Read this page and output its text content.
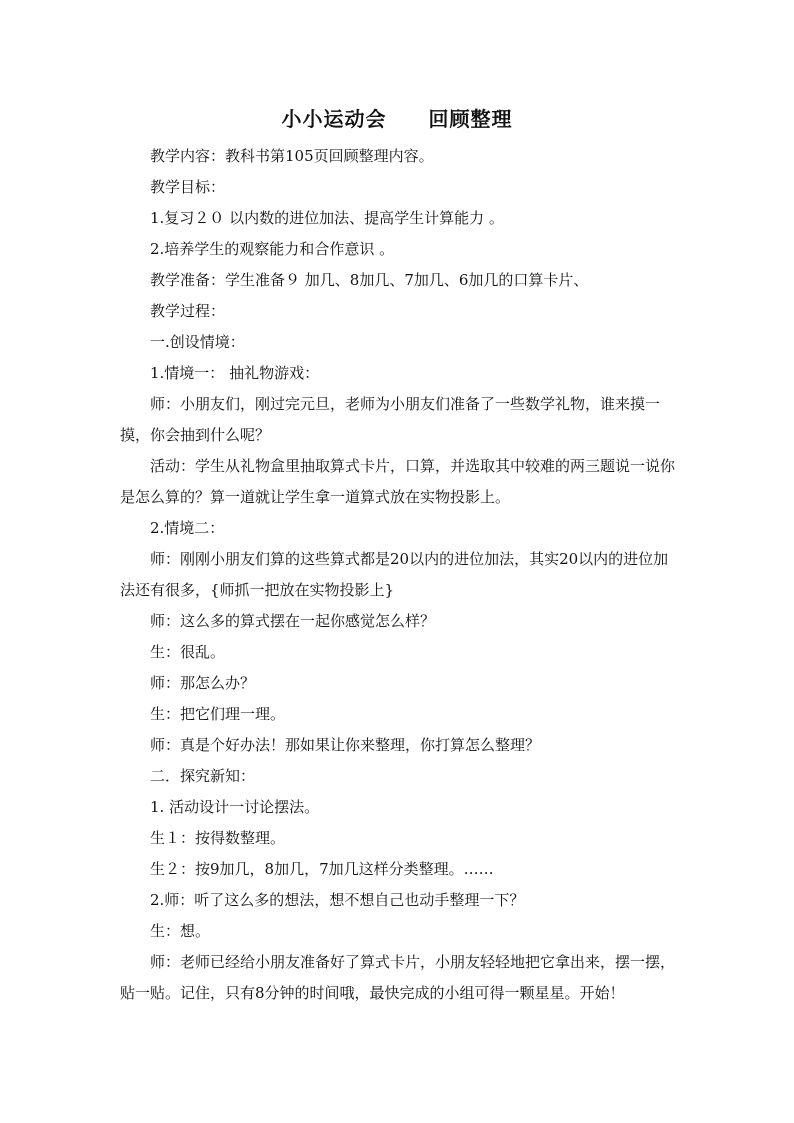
小小运动会　　回顾整理

教学内容：教科书第105页回顾整理内容。

教学目标：

1.复习２０ 以内数的进位加法、提高学生计算能力 。

2.培养学生的观察能力和合作意识 。

教学准备：学生准备９ 加几、8加几、7加几、6加几的口算卡片、

教学过程：

一.创设情境：

1.情境一： 抽礼物游戏：

师：小朋友们，刚过完元旦，老师为小朋友们准备了一些数学礼物，谁来摸一摸，你会抽到什么呢？

活动：学生从礼物盒里抽取算式卡片，口算，并选取其中较难的两三题说一说你是怎么算的？算一道就让学生拿一道算式放在实物投影上。

2.情境二：

师：刚刚小朋友们算的这些算式都是20以内的进位加法，其实20以内的进位加法还有很多，{师抓一把放在实物投影上}

师：这么多的算式摆在一起你感觉怎么样？

生：很乱。

师：那怎么办？

生：把它们理一理。

师：真是个好办法！那如果让你来整理，你打算怎么整理？

二．探究新知：

1. 活动设计一讨论摆法。

生１：按得数整理。

生２：按9加几，8加几，7加几这样分类整理。……

2.师：听了这么多的想法，想不想自己也动手整理一下？

生：想。

师：老师已经给小朋友准备好了算式卡片，小朋友轻轻地把它拿出来，摆一摆，贴一贴。记住，只有8分钟的时间哦，最快完成的小组可得一颗星星。开始！
